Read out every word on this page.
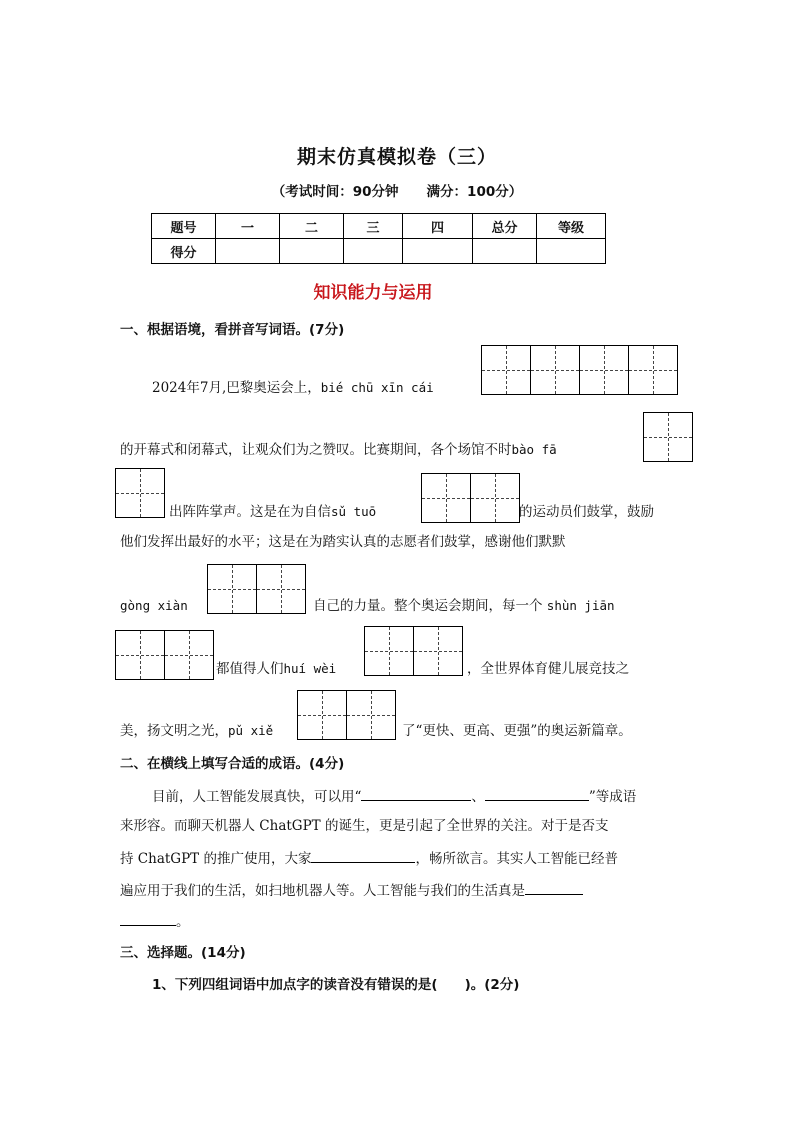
期末仿真模拟卷（三）
（考试时间：90分钟 满分：100分）
题号	一	二	三	四	总分	等级
得分						
知识能力与运用
一、根据语境，看拼音写词语。(7分)
2024年7月,巴黎奥运会上，bié chū xīn cái
的开幕式和闭幕式，让观众们为之赞叹。比赛期间，各个场馆不时bào fā
出阵阵掌声。这是在为自信sǔ tuō	的运动员们鼓掌，鼓励
他们发挥出最好的水平；这是在为踏实认真的志愿者们鼓掌，感谢他们默默
gòng xiàn	自己的力量。整个奥运会期间，每一个 shùn jiān
都值得人们huí wèi	，全世界体育健儿展竞技之
美，扬文明之光，pǔ xiě	了“更快、更高、更强”的奥运新篇章。
二、在横线上填写合适的成语。(4分)
目前，人工智能发展真快，可以用“	、	”等成语
来形容。而聊天机器人 ChatGPT 的诞生，更是引起了全世界的关注。对于是否支
持 ChatGPT 的推广使用，大家	，畅所欲言。其实人工智能已经普
遍应用于我们的生活，如扫地机器人等。人工智能与我们的生活真是
。
三、选择题。(14分)
1、下列四组词语中加点字的读音没有错误的是(　　)。(2分)
